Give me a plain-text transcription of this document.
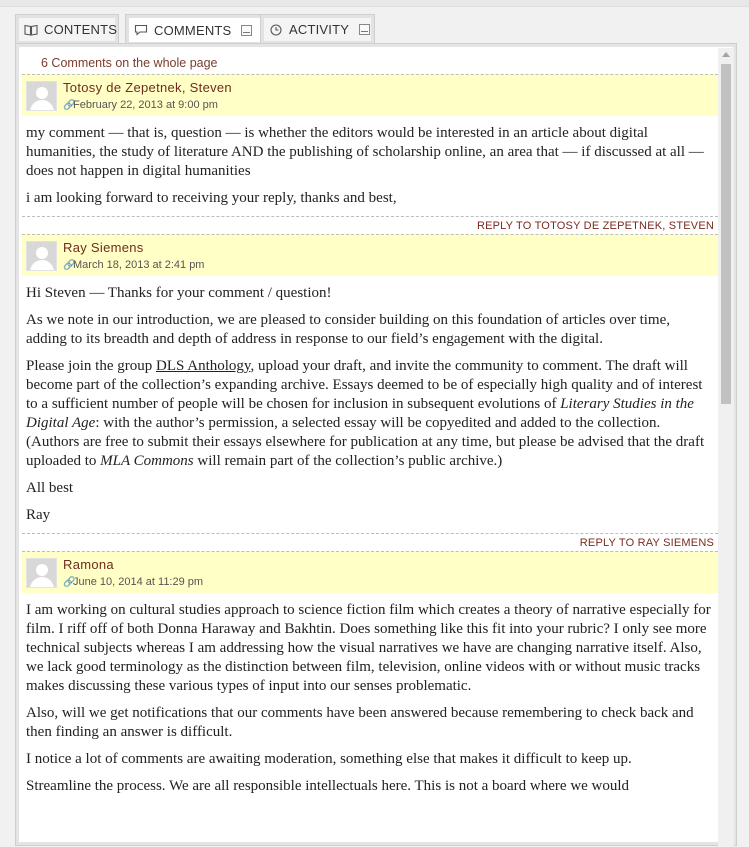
CONTENTS	COMMENTS	ACTIVITY
6 Comments on the whole page
Totosy de Zepetnek, Steven
🔗February 22, 2013 at 9:00 pm

my comment — that is, question — is whether the editors would be interested in an article about digital humanities, the study of literature AND the publishing of scholarship online, an area that — if discussed at all — does not happen in digital humanities

i am looking forward to receiving your reply, thanks and best,

REPLY TO TOTOSY DE ZEPETNEK, STEVEN
Ray Siemens
🔗March 18, 2013 at 2:41 pm

Hi Steven — Thanks for your comment / question!

As we note in our introduction, we are pleased to consider building on this foundation of articles over time, adding to its breadth and depth of address in response to our field’s engagement with the digital.

Please join the group DLS Anthology, upload your draft, and invite the community to comment. The draft will become part of the collection’s expanding archive. Essays deemed to be of especially high quality and of interest to a sufficient number of people will be chosen for inclusion in subsequent evolutions of Literary Studies in the Digital Age: with the author’s permission, a selected essay will be copyedited and added to the collection. (Authors are free to submit their essays elsewhere for publication at any time, but please be advised that the draft uploaded to MLA Commons will remain part of the collection’s public archive.)

All best

Ray

REPLY TO RAY SIEMENS
Ramona
🔗June 10, 2014 at 11:29 pm

I am working on cultural studies approach to science fiction film which creates a theory of narrative especially for film. I riff off of both Donna Haraway and Bakhtin. Does something like this fit into your rubric? I only see more technical subjects whereas I am addressing how the visual narratives we have are changing narrative itself. Also, we lack good terminology as the distinction between film, television, online videos with or without music tracks makes discussing these various types of input into our senses problematic.

Also, will we get notifications that our comments have been answered because remembering to check back and then finding an answer is difficult.

I notice a lot of comments are awaiting moderation, something else that makes it difficult to keep up.

Streamline the process. We are all responsible intellectuals here. This is not a board where we would
